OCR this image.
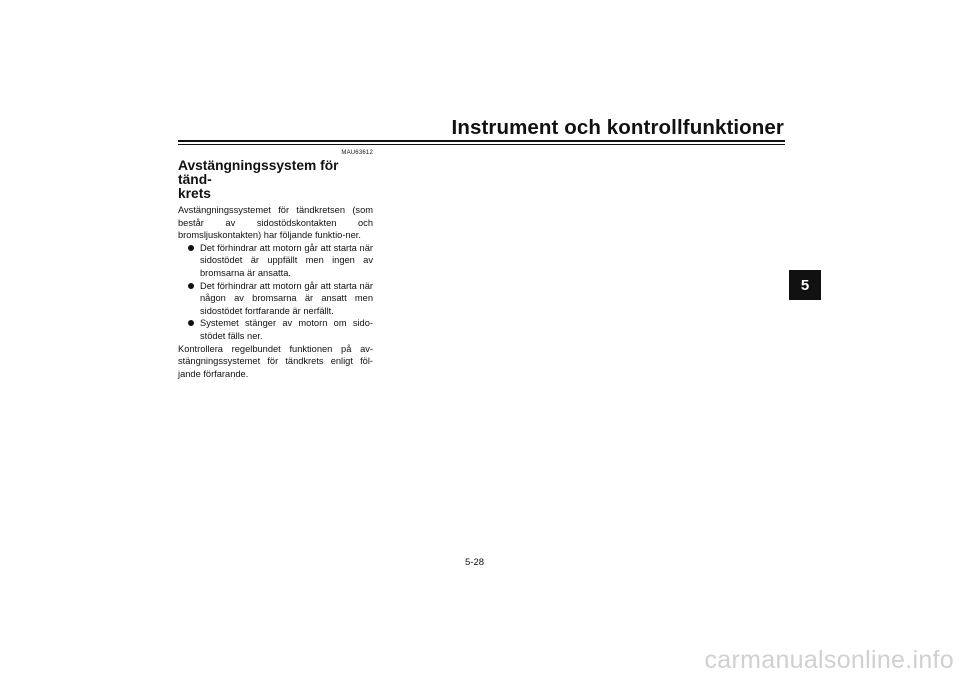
Instrument och kontrollfunktioner
5
MAU63612
Avstängningssystem för tänd-
krets

Avstängningssystemet för tändkretsen (som består av sidostödskontakten och bromsljuskontakten) har följande funktio-ner.

Det förhindrar att motorn går att starta när sidostödet är uppfällt men ingen av bromsarna är ansatta.
Det förhindrar att motorn går att starta när någon av bromsarna är ansatt men sidostödet fortfarande är nerfällt.
Systemet stänger av motorn om sido-stödet fälls ner.

Kontrollera regelbundet funktionen på av-stängningssystemet för tändkrets enligt föl-jande förfarande.

5-28
carmanualsonline.info
